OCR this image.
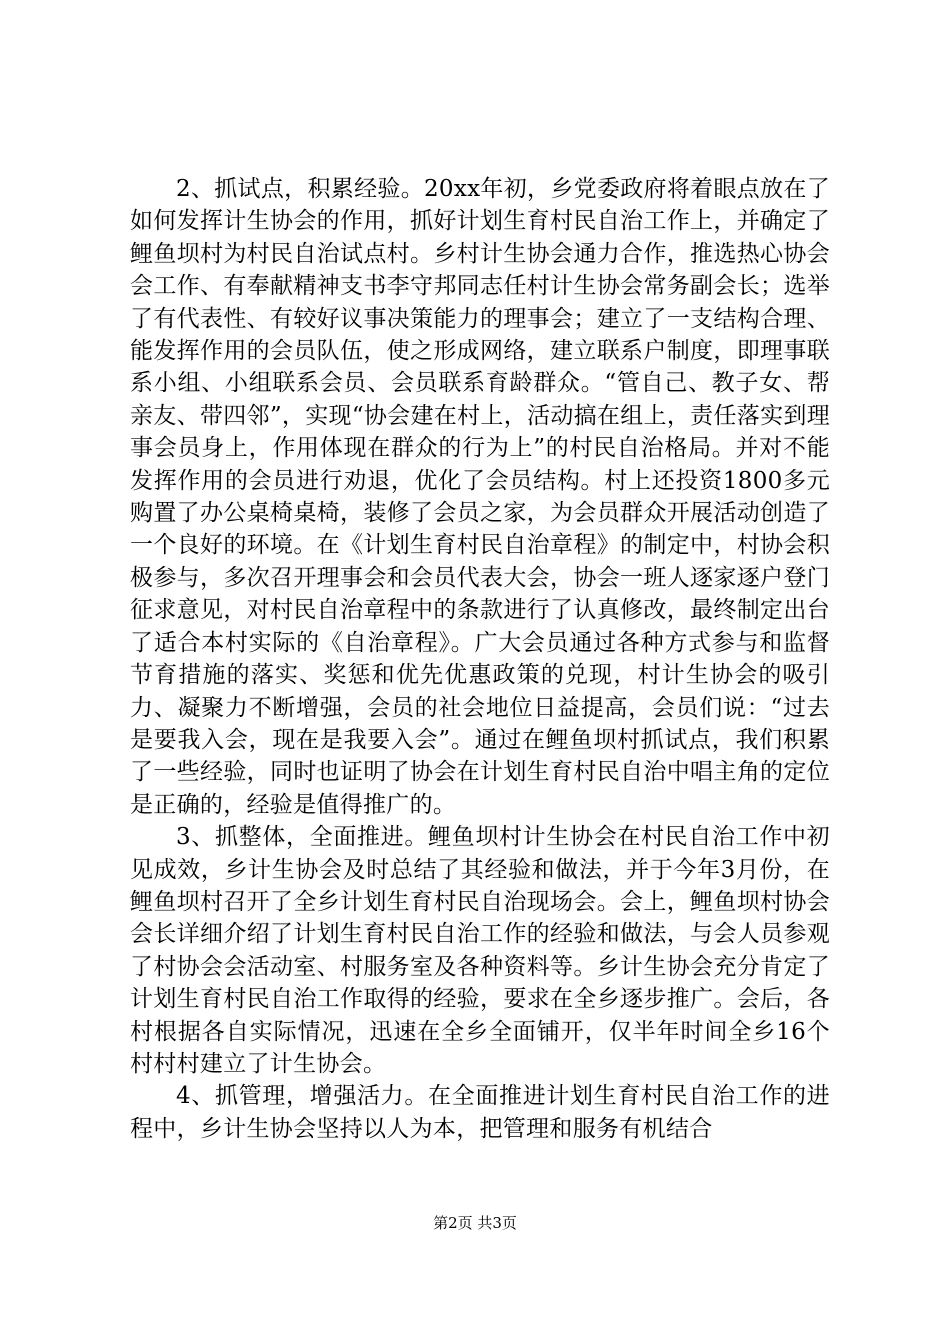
2、抓试点，积累经验。20xx年初，乡党委政府将着眼点放在了如何发挥计生协会的作用，抓好计划生育村民自治工作上，并确定了鲤鱼坝村为村民自治试点村。乡村计生协会通力合作，推选热心协会会工作、有奉献精神支书李守邦同志任村计生协会常务副会长；选举了有代表性、有较好议事决策能力的理事会；建立了一支结构合理、能发挥作用的会员队伍，使之形成网络，建立联系户制度，即理事联系小组、小组联系会员、会员联系育龄群众。“管自己、教子女、帮亲友、带四邻”，实现“协会建在村上，活动搞在组上，责任落实到理事会员身上，作用体现在群众的行为上”的村民自治格局。并对不能发挥作用的会员进行劝退，优化了会员结构。村上还投资1800多元购置了办公桌椅桌椅，装修了会员之家，为会员群众开展活动创造了一个良好的环境。在《计划生育村民自治章程》的制定中，村协会积极参与，多次召开理事会和会员代表大会，协会一班人逐家逐户登门征求意见，对村民自治章程中的条款进行了认真修改，最终制定出台了适合本村实际的《自治章程》。广大会员通过各种方式参与和监督节育措施的落实、奖惩和优先优惠政策的兑现，村计生协会的吸引力、凝聚力不断增强，会员的社会地位日益提高，会员们说：“过去是要我入会，现在是我要入会”。通过在鲤鱼坝村抓试点，我们积累了一些经验，同时也证明了协会在计划生育村民自治中唱主角的定位是正确的，经验是值得推广的。

3、抓整体，全面推进。鲤鱼坝村计生协会在村民自治工作中初见成效，乡计生协会及时总结了其经验和做法，并于今年3月份，在鲤鱼坝村召开了全乡计划生育村民自治现场会。会上，鲤鱼坝村协会会长详细介绍了计划生育村民自治工作的经验和做法，与会人员参观了村协会会活动室、村服务室及各种资料等。乡计生协会充分肯定了计划生育村民自治工作取得的经验，要求在全乡逐步推广。会后，各村根据各自实际情况，迅速在全乡全面铺开，仅半年时间全乡16个村村村建立了计生协会。

4、抓管理，增强活力。在全面推进计划生育村民自治工作的进程中，乡计生协会坚持以人为本，把管理和服务有机结合

第2页 共3页
